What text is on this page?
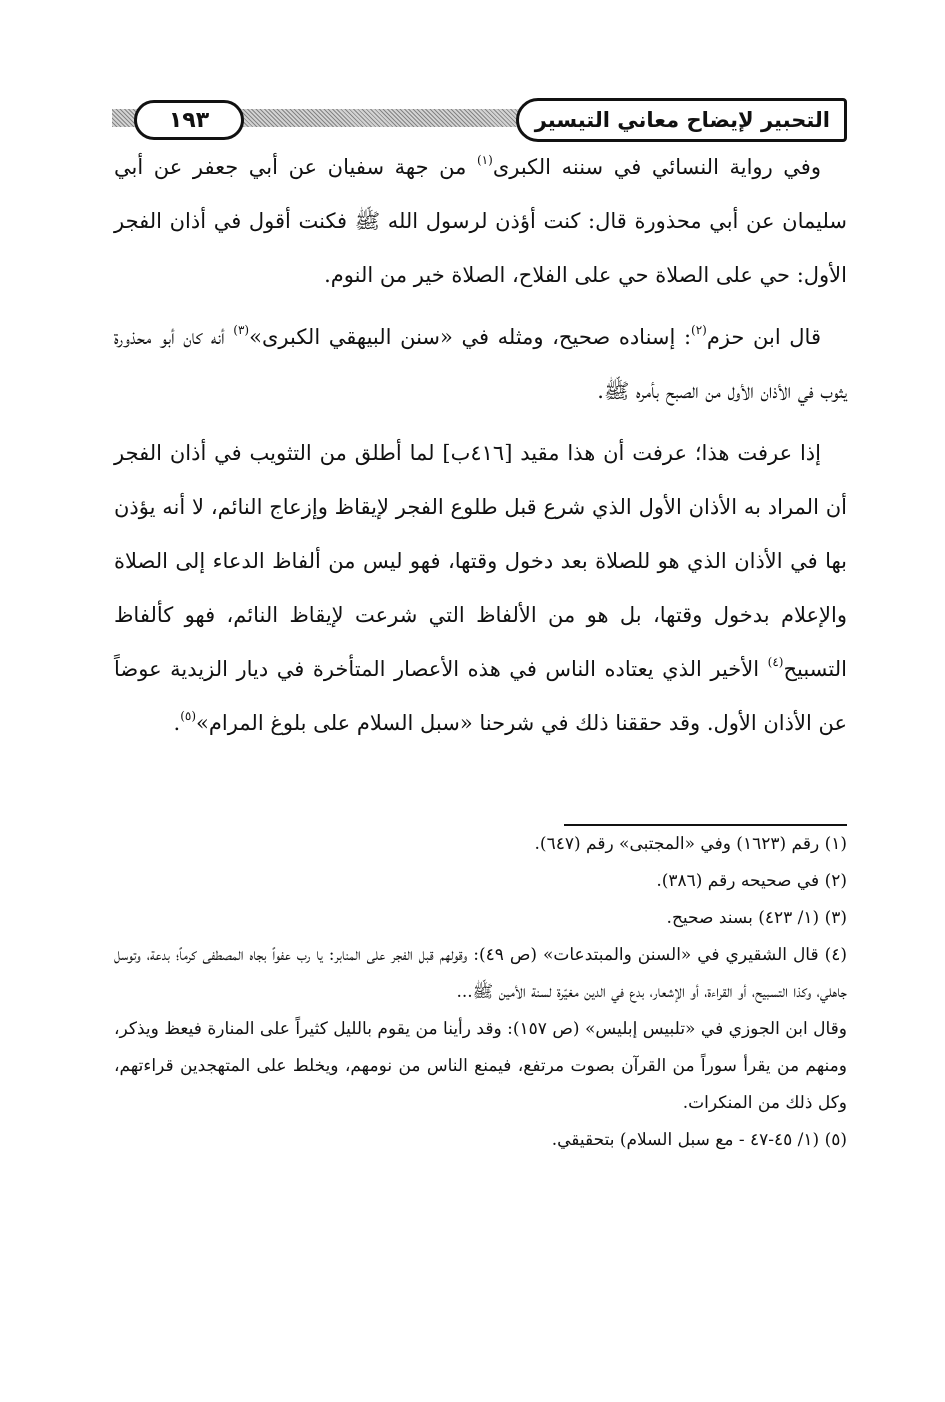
التحبير لإيضاح معاني التيسير
١٩٣

وفي رواية النسائي في سننه الكبرى$^{(١)}$ من جهة سفيان عن أبي جعفر عن أبي سليمان عن أبي محذورة قال: كنت أؤذن لرسول الله ﷺ فكنت أقول في أذان الفجر الأول: حي على الصلاة حي على الفلاح، الصلاة خير من النوم.

قال ابن حزم$^{(٢)}$: إسناده صحيح، ومثله في «سنن البيهقي الكبرى»$^{(٣)}$ أنه كان أبو محذورة يثوب في الأذان الأول من الصبح بأمره ﷺ.

إذا عرفت هذا؛ عرفت أن هذا مقيد [٤١٦ب] لما أطلق من التثويب في أذان الفجر أن المراد به الأذان الأول الذي شرع قبل طلوع الفجر لإيقاظ وإزعاج النائم، لا أنه يؤذن بها في الأذان الذي هو للصلاة بعد دخول وقتها، فهو ليس من ألفاظ الدعاء إلى الصلاة والإعلام بدخول وقتها، بل هو من الألفاظ التي شرعت لإيقاظ النائم، فهو كألفاظ التسبيح$^{(٤)}$ الأخير الذي يعتاده الناس في هذه الأعصار المتأخرة في ديار الزيدية عوضاً عن الأذان الأول. وقد حققنا ذلك في شرحنا «سبل السلام على بلوغ المرام»$^{(٥)}$.

(١) رقم (١٦٢٣) وفي «المجتبى» رقم (٦٤٧).

(٢) في صحيحه رقم (٣٨٦).

(٣) (١/ ٤٢٣) بسند صحيح.

(٤) قال الشقيري في «السنن والمبتدعات» (ص ٤٩): وقولهم قبل الفجر على المنابر: يا رب عفواً بجاه المصطفى كرماً؛ بدعة، وتوسل جاهلي، وكذا التسبيح، أو القراءة، أو الإشعار، بدع في الدين مغيّرة لسنة الأمين ﷺ...

وقال ابن الجوزي في «تلبيس إبليس» (ص ١٥٧): وقد رأينا من يقوم بالليل كثيراً على المنارة فيعظ ويذكر، ومنهم من يقرأ سوراً من القرآن بصوت مرتفع، فيمنع الناس من نومهم، ويخلط على المتهجدين قراءتهم، وكل ذلك من المنكرات.

(٥) (١/ ٤٥-٤٧ - مع سبل السلام) بتحقيقي.
